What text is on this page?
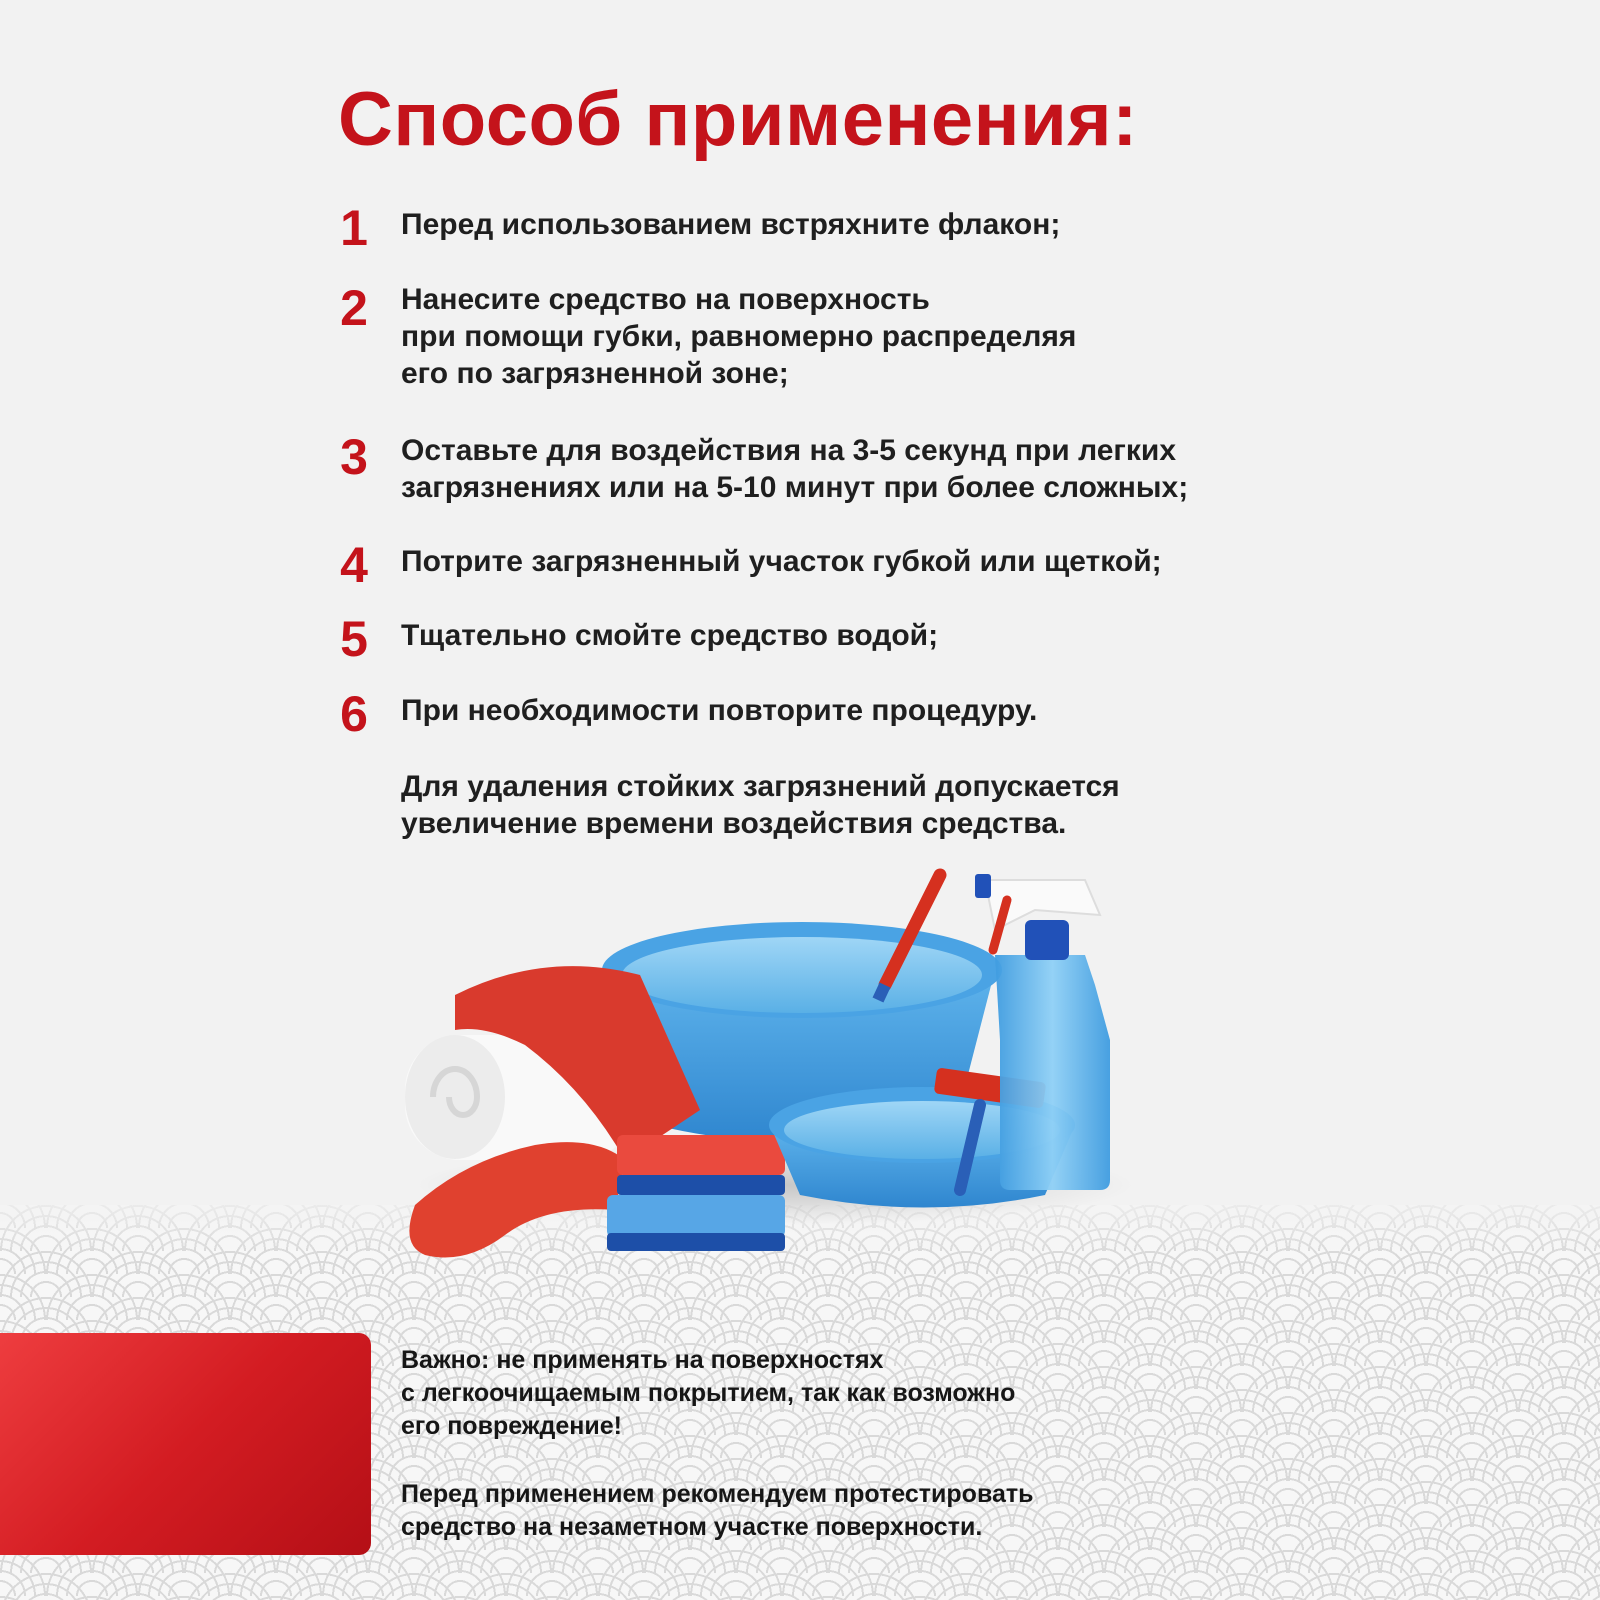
Способ применения:
1	Перед использованием встряхните флакон;
2	Нанесите средство на поверхность
при помощи губки, равномерно распределяя
его по загрязненной зоне;
3	Оставьте для воздействия на 3-5 секунд при легких
загрязнениях или на 5-10 минут при более сложных;
4	Потрите загрязненный участок губкой или щеткой;
5	Тщательно смойте средство водой;
6	При необходимости повторите процедуру.
Для удаления стойких загрязнений допускается
увеличение времени воздействия средства.
Важно: не применять на поверхностях
с легкоочищаемым покрытием, так как возможно
его повреждение!
Перед применением рекомендуем протестировать
средство на незаметном участке поверхности.
